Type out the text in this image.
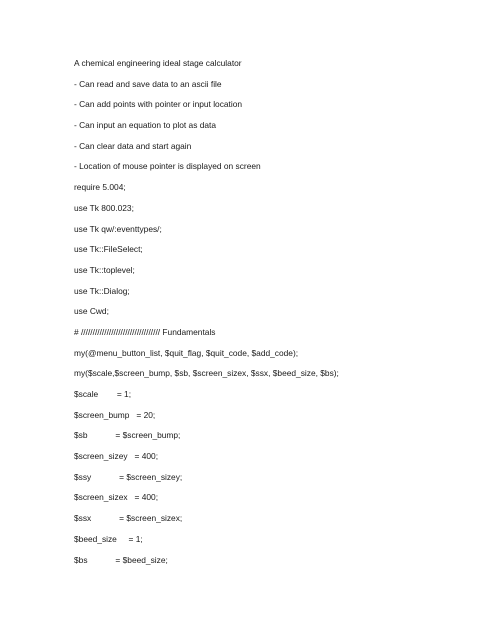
A chemical engineering ideal stage calculator
- Can read and save data to an ascii file
- Can add points with pointer or input location
- Can input an equation to plot as data
- Can clear data and start again
- Location of mouse pointer is displayed on screen
require 5.004;
use Tk 800.023;
use Tk qw/:eventtypes/;
use Tk::FileSelect;
use Tk::toplevel;
use Tk::Dialog;
use Cwd;
# ////////////////////////////////// Fundamentals
my(@menu_button_list, $quit_flag, $quit_code, $add_code);
my($scale,$screen_bump, $sb, $screen_sizex, $ssx, $beed_size, $bs);
$scale        = 1;
$screen_bump   = 20;
$sb            = $screen_bump;
$screen_sizey   = 400;
$ssy            = $screen_sizey;
$screen_sizex   = 400;
$ssx            = $screen_sizex;
$beed_size     = 1;
$bs            = $beed_size;
